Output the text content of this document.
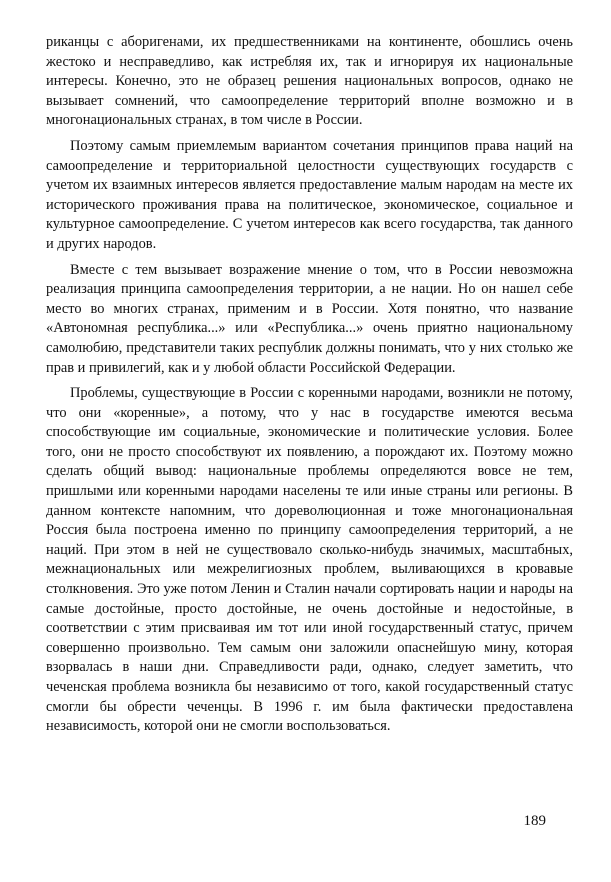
риканцы с аборигенами, их предшественниками на континенте, обошлись очень жестоко и несправедливо, как истребляя их, так и игнорируя их национальные интересы. Конечно, это не образец решения национальных вопросов, однако не вызывает сомнений, что самоопределение территорий вполне возможно и в многонациональных странах, в том числе в России.

Поэтому самым приемлемым вариантом сочетания принципов права наций на самоопределение и территориальной целостности существующих государств с учетом их взаимных интересов является предоставление малым народам на месте их исторического проживания права на политическое, экономическое, социальное и культурное самоопределение. С учетом интересов как всего государства, так данного и других народов.

Вместе с тем вызывает возражение мнение о том, что в России невозможна реализация принципа самоопределения территории, а не нации. Но он нашел себе место во многих странах, применим и в России. Хотя понятно, что название «Автономная республика...» или «Республика...» очень приятно национальному самолюбию, представители таких республик должны понимать, что у них столько же прав и привилегий, как и у любой области Российской Федерации.

Проблемы, существующие в России с коренными народами, возникли не потому, что они «коренные», а потому, что у нас в государстве имеются весьма способствующие им социальные, экономические и политические условия. Более того, они не просто способствуют их появлению, а порождают их. Поэтому можно сделать общий вывод: национальные проблемы определяются вовсе не тем, пришлыми или коренными народами населены те или иные страны или регионы. В данном контексте напомним, что дореволюционная и тоже многонациональная Россия была построена именно по принципу самоопределения территорий, а не наций. При этом в ней не существовало сколько-нибудь значимых, масштабных, межнациональных или межрелигиозных проблем, выливающихся в кровавые столкновения. Это уже потом Ленин и Сталин начали сортировать нации и народы на самые достойные, просто достойные, не очень достойные и недостойные, в соответствии с этим присваивая им тот или иной государственный статус, причем совершенно произвольно. Тем самым они заложили опаснейшую мину, которая взорвалась в наши дни. Справедливости ради, однако, следует заметить, что чеченская проблема возникла бы независимо от того, какой государственный статус смогли бы обрести чеченцы. В 1996 г. им была фактически предоставлена независимость, которой они не смогли воспользоваться.

189
